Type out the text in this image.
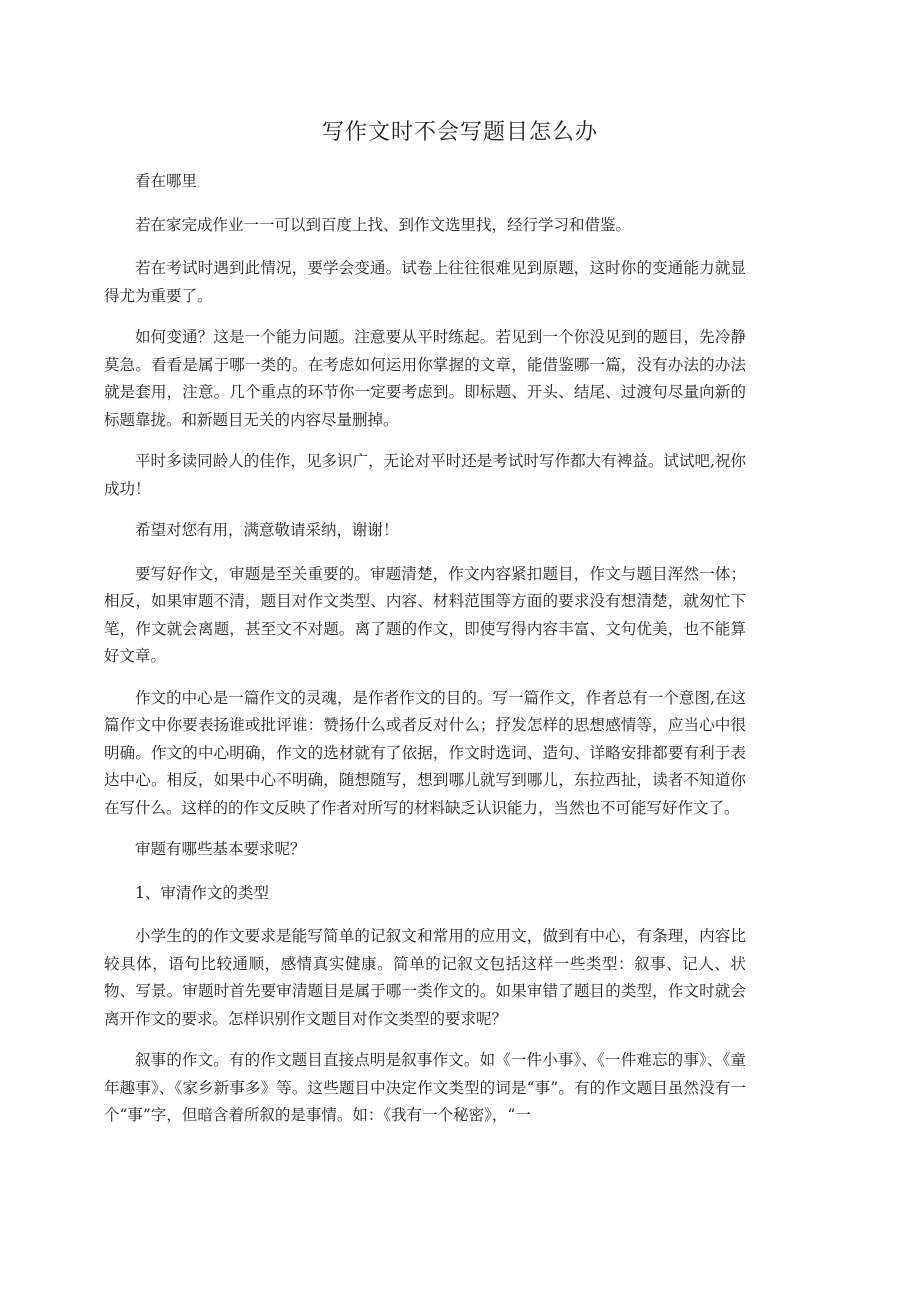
写作文时不会写题目怎么办

看在哪里

若在家完成作业一一可以到百度上找、到作文选里找，经行学习和借鉴。

若在考试时遇到此情况，要学会变通。试卷上往往很难见到原题，这时你的变通能力就显得尤为重要了。

如何变通？这是一个能力问题。注意要从平时练起。若见到一个你没见到的题目，先冷静莫急。看看是属于哪一类的。在考虑如何运用你掌握的文章，能借鉴哪一篇，没有办法的办法就是套用，注意。几个重点的环节你一定要考虑到。即标题、开头、结尾、过渡句尽量向新的标题靠拢。和新题目无关的内容尽量删掉。

平时多读同龄人的佳作，见多识广，无论对平时还是考试时写作都大有裨益。试试吧,祝你成功！

希望对您有用，满意敬请采纳，谢谢！

要写好作文，审题是至关重要的。审题清楚，作文内容紧扣题目，作文与题目浑然一体；相反，如果审题不清，题目对作文类型、内容、材料范围等方面的要求没有想清楚，就匆忙下笔，作文就会离题，甚至文不对题。离了题的作文，即使写得内容丰富、文句优美，也不能算好文章。

作文的中心是一篇作文的灵魂，是作者作文的目的。写一篇作文，作者总有一个意图,在这篇作文中你要表扬谁或批评谁：赞扬什么或者反对什么；抒发怎样的思想感情等，应当心中很明确。作文的中心明确，作文的选材就有了依据，作文时选词、造句、详略安排都要有利于表达中心。相反，如果中心不明确，随想随写，想到哪儿就写到哪儿，东拉西扯，读者不知道你在写什么。这样的的作文反映了作者对所写的材料缺乏认识能力，当然也不可能写好作文了。

审题有哪些基本要求呢？

1、审清作文的类型

小学生的的作文要求是能写简单的记叙文和常用的应用文，做到有中心，有条理，内容比较具体，语句比较通顺，感情真实健康。简单的记叙文包括这样一些类型：叙事、记人、状物、写景。审题时首先要审清题目是属于哪一类作文的。如果审错了题目的类型，作文时就会离开作文的要求。怎样识别作文题目对作文类型的要求呢？

叙事的作文。有的作文题目直接点明是叙事作文。如《一件小事》、《一件难忘的事》、《童年趣事》、《家乡新事多》等。这些题目中决定作文类型的词是“事”。有的作文题目虽然没有一个“事”字，但暗含着所叙的是事情。如：《我有一个秘密》，“一
